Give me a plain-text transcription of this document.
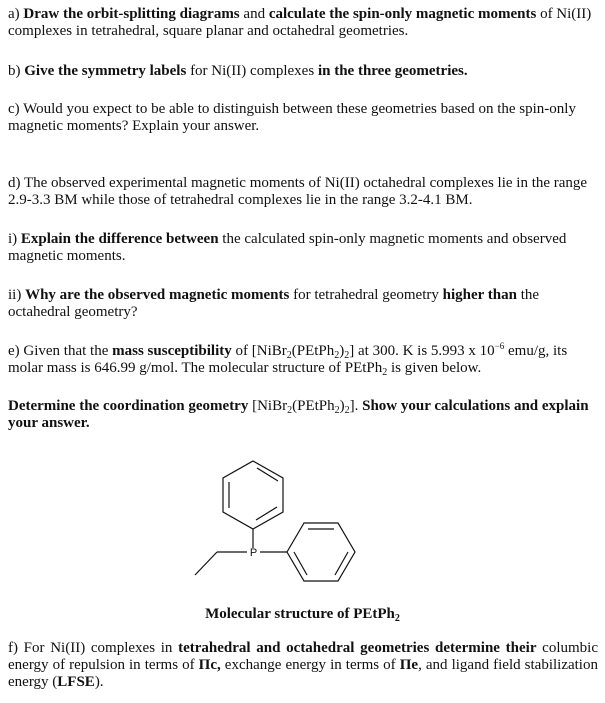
a) Draw the orbit-splitting diagrams and calculate the spin-only magnetic moments of Ni(II) complexes in tetrahedral, square planar and octahedral geometries.

b) Give the symmetry labels for Ni(II) complexes in the three geometries.

c) Would you expect to be able to distinguish between these geometries based on the spin-only magnetic moments? Explain your answer.

d) The observed experimental magnetic moments of Ni(II) octahedral complexes lie in the range 2.9-3.3 BM while those of tetrahedral complexes lie in the range 3.2-4.1 BM.

i) Explain the difference between the calculated spin-only magnetic moments and observed magnetic moments.

ii) Why are the observed magnetic moments for tetrahedral geometry higher than the octahedral geometry?

e) Given that the mass susceptibility of $[NiBr_2(PEtPh_2)_2]$ at 300. K is 5.993 x $10^{-6}$ emu/g, its molar mass is 646.99 g/mol. The molecular structure of PEtPh$_2$ is given below.

Determine the coordination geometry $[NiBr_2(PEtPh_2)_2]$. Show your calculations and explain your answer.

P
Molecular structure of PEtPh$_2$

f) For Ni(II) complexes in tetrahedral and octahedral geometries determine their columbic energy of repulsion in terms of Πc, exchange energy in terms of Πe, and ligand field stabilization energy (LFSE).
